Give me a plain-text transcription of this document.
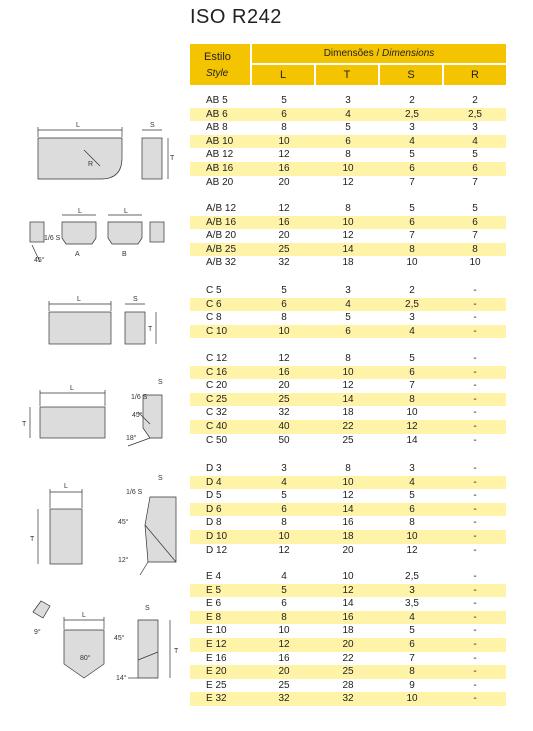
ISO R242
Estilo
Style
Dimensões / Dimensions
L	T	S	R
AB 5	5	3	2	2
AB 6	6	4	2,5	2,5
AB 8	8	5	3	3
AB 10	10	6	4	4
AB 12	12	8	5	5
AB 16	16	10	6	6
AB 20	20	12	7	7
A/B 12	12	8	5	5
A/B 16	16	10	6	6
A/B 20	20	12	7	7
A/B 25	25	14	8	8
A/B 32	32	18	10	10
C 5	5	3	2	-
C 6	6	4	2,5	-
C 8	8	5	3	-
C 10	10	6	4	-
C 12	12	8	5	-
C 16	16	10	6	-
C 20	20	12	7	-
C 25	25	14	8	-
C 32	32	18	10	-
C 40	40	22	12	-
C 50	50	25	14	-
D 3	3	8	3	-
D 4	4	10	4	-
D 5	5	12	5	-
D 6	6	14	6	-
D 8	8	16	8	-
D 10	10	18	10	-
D 12	12	20	12	-
E 4	4	10	2,5	-
E 5	5	12	3	-
E 6	6	14	3,5	-
E 8	8	16	4	-
E 10	10	18	5	-
E 12	12	20	6	-
E 16	16	22	7	-
E 20	20	25	8	-
E 25	25	28	9	-
E 32	32	32	10	-
L	S
T
R
A	B
L	L
1/6 S
45°
L	S
T
L
S
T
1/6 S
45°
18°
L
S
T
1/6 S
45°
12°
L
S
T
9°
80°
45°
14°
